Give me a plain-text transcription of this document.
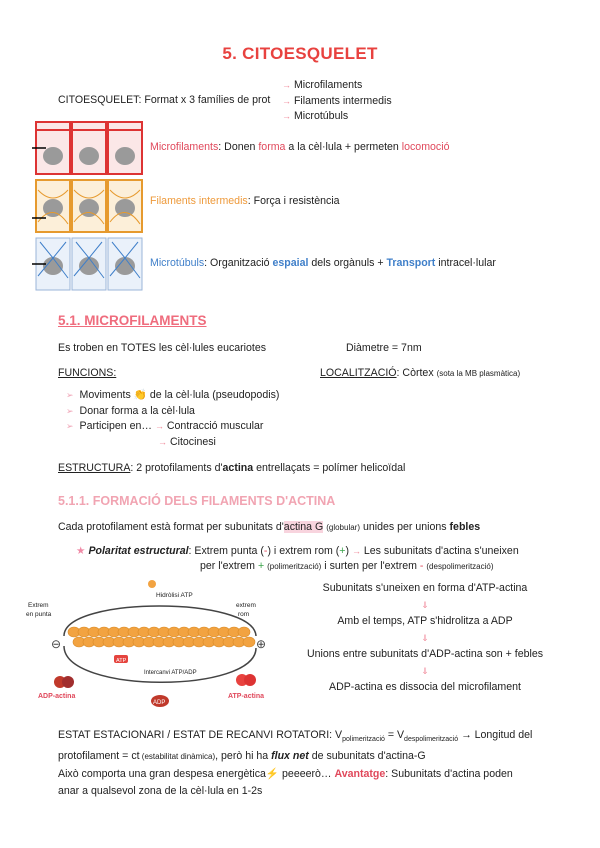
5. CITOESQUELET
CITOESQUELET: Format x 3 famílies de prot
→ Microfilaments
→ Filaments intermedis
→ Microtúbuls
Microfilaments: Donen forma a la cèl·lula + permeten locomoció
Filaments intermedis: Força i resistència
Microtúbuls: Organització espaial dels orgànuls + Transport intracel·lular
5.1. MICROFILAMENTS
Es troben en TOTES les cèl·lules eucariotes	Diàmetre = 7nm
FUNCIONS:	LOCALITZACIÓ: Còrtex (sota la MB plasmàtica)
➢ Moviments 👏 de la cèl·lula (pseudopodis)
➢ Donar forma a la cèl·lula
➢ Participen en… → Contracció muscular
→ Citocinesi
ESTRUCTURA: 2 protofilaments d'actina entrellaçats = polímer helicoïdal
5.1.1. FORMACIÓ DELS FILAMENTS D'ACTINA
Cada protofilament està format per subunitats d'actina G (globular) unides per unions febles
★ Polaritat estructural: Extrem punta (-) i extrem rom (+) → Les subunitats d'actina s'uneixen
per l'extrem + (polimerització) i surten per l'extrem - (despolimerització)
Hidròlisi ATP
Extrem
en punta
extrem
rom
⊖	⊕
Intercanvi ATP/ADP
ATP
ADP
ADP-actina	ATP-actina
Subunitats s'uneixen en forma d'ATP-actina
⇓
Amb el temps, ATP s'hidrolitza a ADP
⇓
Unions entre subunitats d'ADP-actina son + febles
⇓
ADP-actina es dissocia del microfilament
ESTAT ESTACIONARI / ESTAT DE RECANVI ROTATORI: $V_{polimerització} = V_{despolimerització}$ → Longitud del
protofilament = ct (estabilitat dinàmica), però hi ha flux net de subunitats d'actina-G
Això comporta una gran despesa energètica⚡ peeeerò… Avantatge: Subunitats d'actina poden
anar a qualsevol zona de la cèl·lula en 1-2s
